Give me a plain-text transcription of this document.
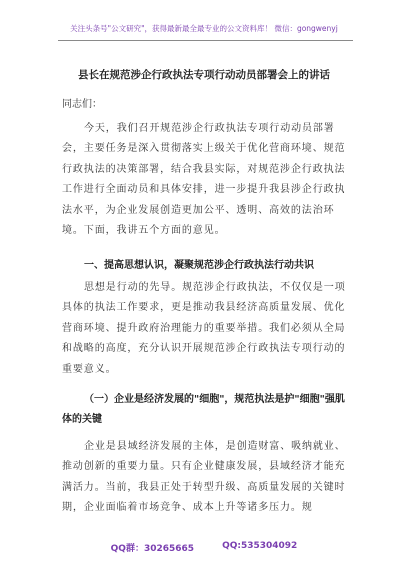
关注头条号"公文研究"，获得最新最全最专业的公文资料库！ 微信：gongwenyj
县长在规范涉企行政执法专项行动动员部署会上的讲话
同志们：

今天，我们召开规范涉企行政执法专项行动动员部署会，主要任务是深入贯彻落实上级关于优化营商环境、规范行政执法的决策部署，结合我县实际，对规范涉企行政执法工作进行全面动员和具体安排，进一步提升我县涉企行政执法水平，为企业发展创造更加公平、透明、高效的法治环境。下面，我讲五个方面的意见。

一、提高思想认识，凝聚规范涉企行政执法行动共识

思想是行动的先导。规范涉企行政执法，不仅仅是一项具体的执法工作要求，更是推动我县经济高质量发展、优化营商环境、提升政府治理能力的重要举措。我们必须从全局和战略的高度，充分认识开展规范涉企行政执法专项行动的重要意义。

（一）企业是经济发展的"细胞"，规范执法是护"细胞"强肌体的关键

企业是县域经济发展的主体，是创造财富、吸纳就业、推动创新的重要力量。只有企业健康发展，县域经济才能充满活力。当前，我县正处于转型升级、高质量发展的关键时期，企业面临着市场竞争、成本上升等诸多压力。规

QQ群：30265665	QQ:535304092
